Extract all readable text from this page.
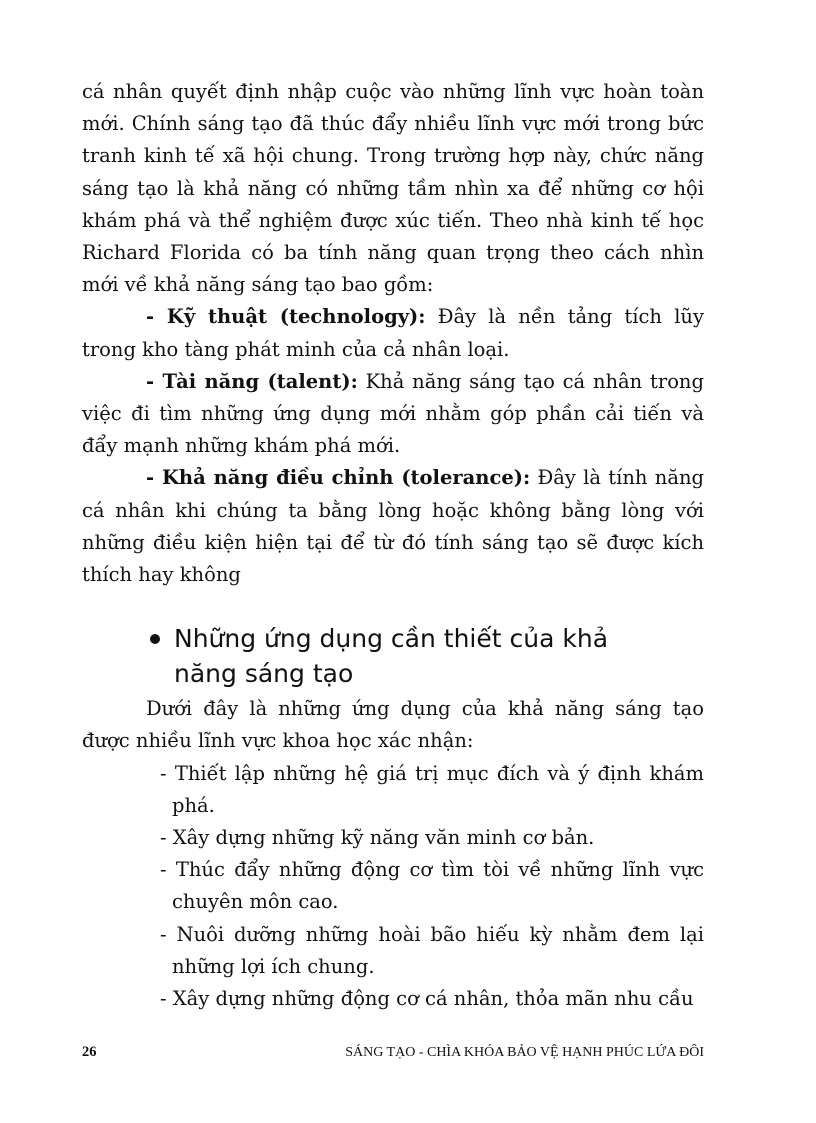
cá nhân quyết định nhập cuộc vào những lĩnh vực hoàn toàn mới. Chính sáng tạo đã thúc đẩy nhiều lĩnh vực mới trong bức tranh kinh tế xã hội chung. Trong trường hợp này, chức năng sáng tạo là khả năng có những tầm nhìn xa để những cơ hội khám phá và thể nghiệm được xúc tiến. Theo nhà kinh tế học Richard Florida có ba tính năng quan trọng theo cách nhìn mới về khả năng sáng tạo bao gồm:

- Kỹ thuật (technology): Đây là nền tảng tích lũy trong kho tàng phát minh của cả nhân loại.

- Tài năng (talent): Khả năng sáng tạo cá nhân trong việc đi tìm những ứng dụng mới nhằm góp phần cải tiến và đẩy mạnh những khám phá mới.

- Khả năng điều chỉnh (tolerance): Đây là tính năng cá nhân khi chúng ta bằng lòng hoặc không bằng lòng với những điều kiện hiện tại để từ đó tính sáng tạo sẽ được kích thích hay không

Những ứng dụng cần thiết của khả năng sáng tạo

Dưới đây là những ứng dụng của khả năng sáng tạo được nhiều lĩnh vực khoa học xác nhận:

- Thiết lập những hệ giá trị mục đích và ý định khám phá.
- Xây dựng những kỹ năng văn minh cơ bản.
- Thúc đẩy những động cơ tìm tòi về những lĩnh vực chuyên môn cao.
- Nuôi dưỡng những hoài bão hiếu kỳ nhằm đem lại những lợi ích chung.
- Xây dựng những động cơ cá nhân, thỏa mãn nhu cầu
26	SÁNG TẠO - CHÌA KHÓA BẢO VỆ HẠNH PHÚC LỨA ĐÔI
